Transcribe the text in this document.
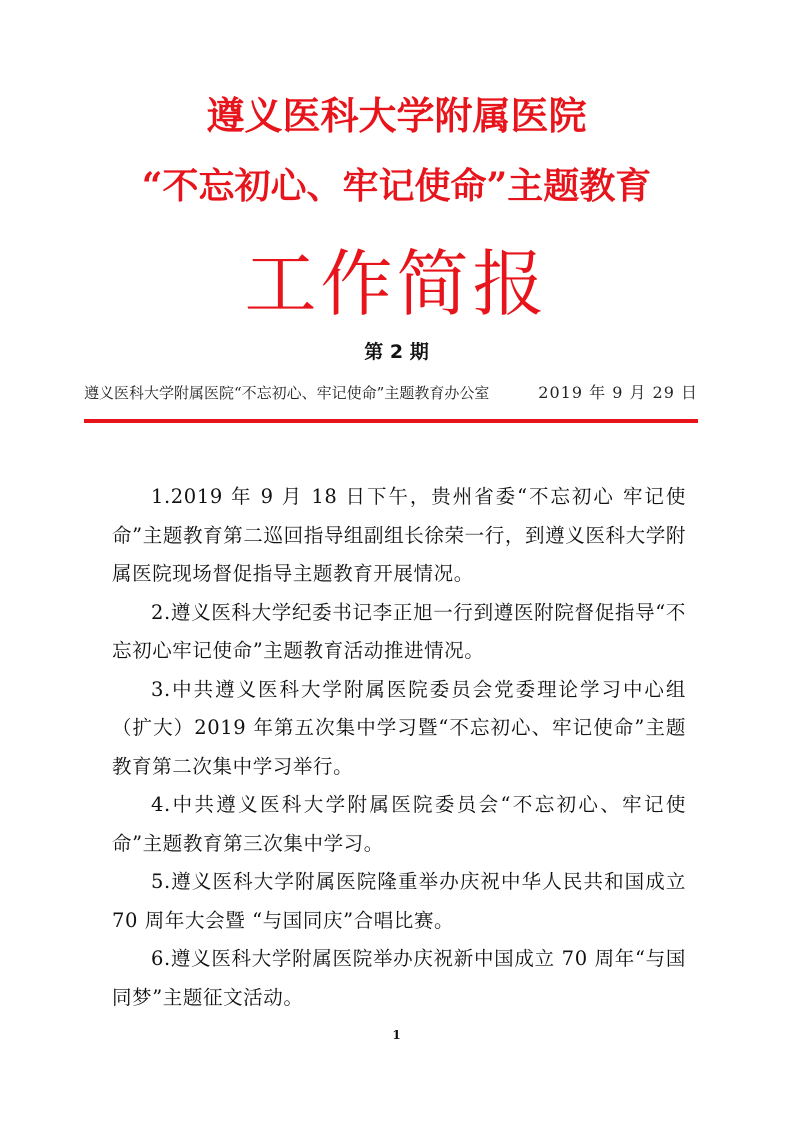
遵义医科大学附属医院
“不忘初心、牢记使命”主题教育
工作简报
第 2 期
遵义医科大学附属医院“不忘初心、牢记使命”主题教育办公室	2019 年 9 月 29 日

1.2019 年 9 月 18 日下午，贵州省委“不忘初心 牢记使命”主题教育第二巡回指导组副组长徐荣一行，到遵义医科大学附属医院现场督促指导主题教育开展情况。

2.遵义医科大学纪委书记李正旭一行到遵医附院督促指导“不忘初心牢记使命”主题教育活动推进情况。

3.中共遵义医科大学附属医院委员会党委理论学习中心组（扩大）2019 年第五次集中学习暨“不忘初心、牢记使命”主题教育第二次集中学习举行。

4.中共遵义医科大学附属医院委员会“不忘初心、牢记使命”主题教育第三次集中学习。

5.遵义医科大学附属医院隆重举办庆祝中华人民共和国成立 70 周年大会暨 “与国同庆”合唱比赛。

6.遵义医科大学附属医院举办庆祝新中国成立 70 周年“与国同梦”主题征文活动。

1
